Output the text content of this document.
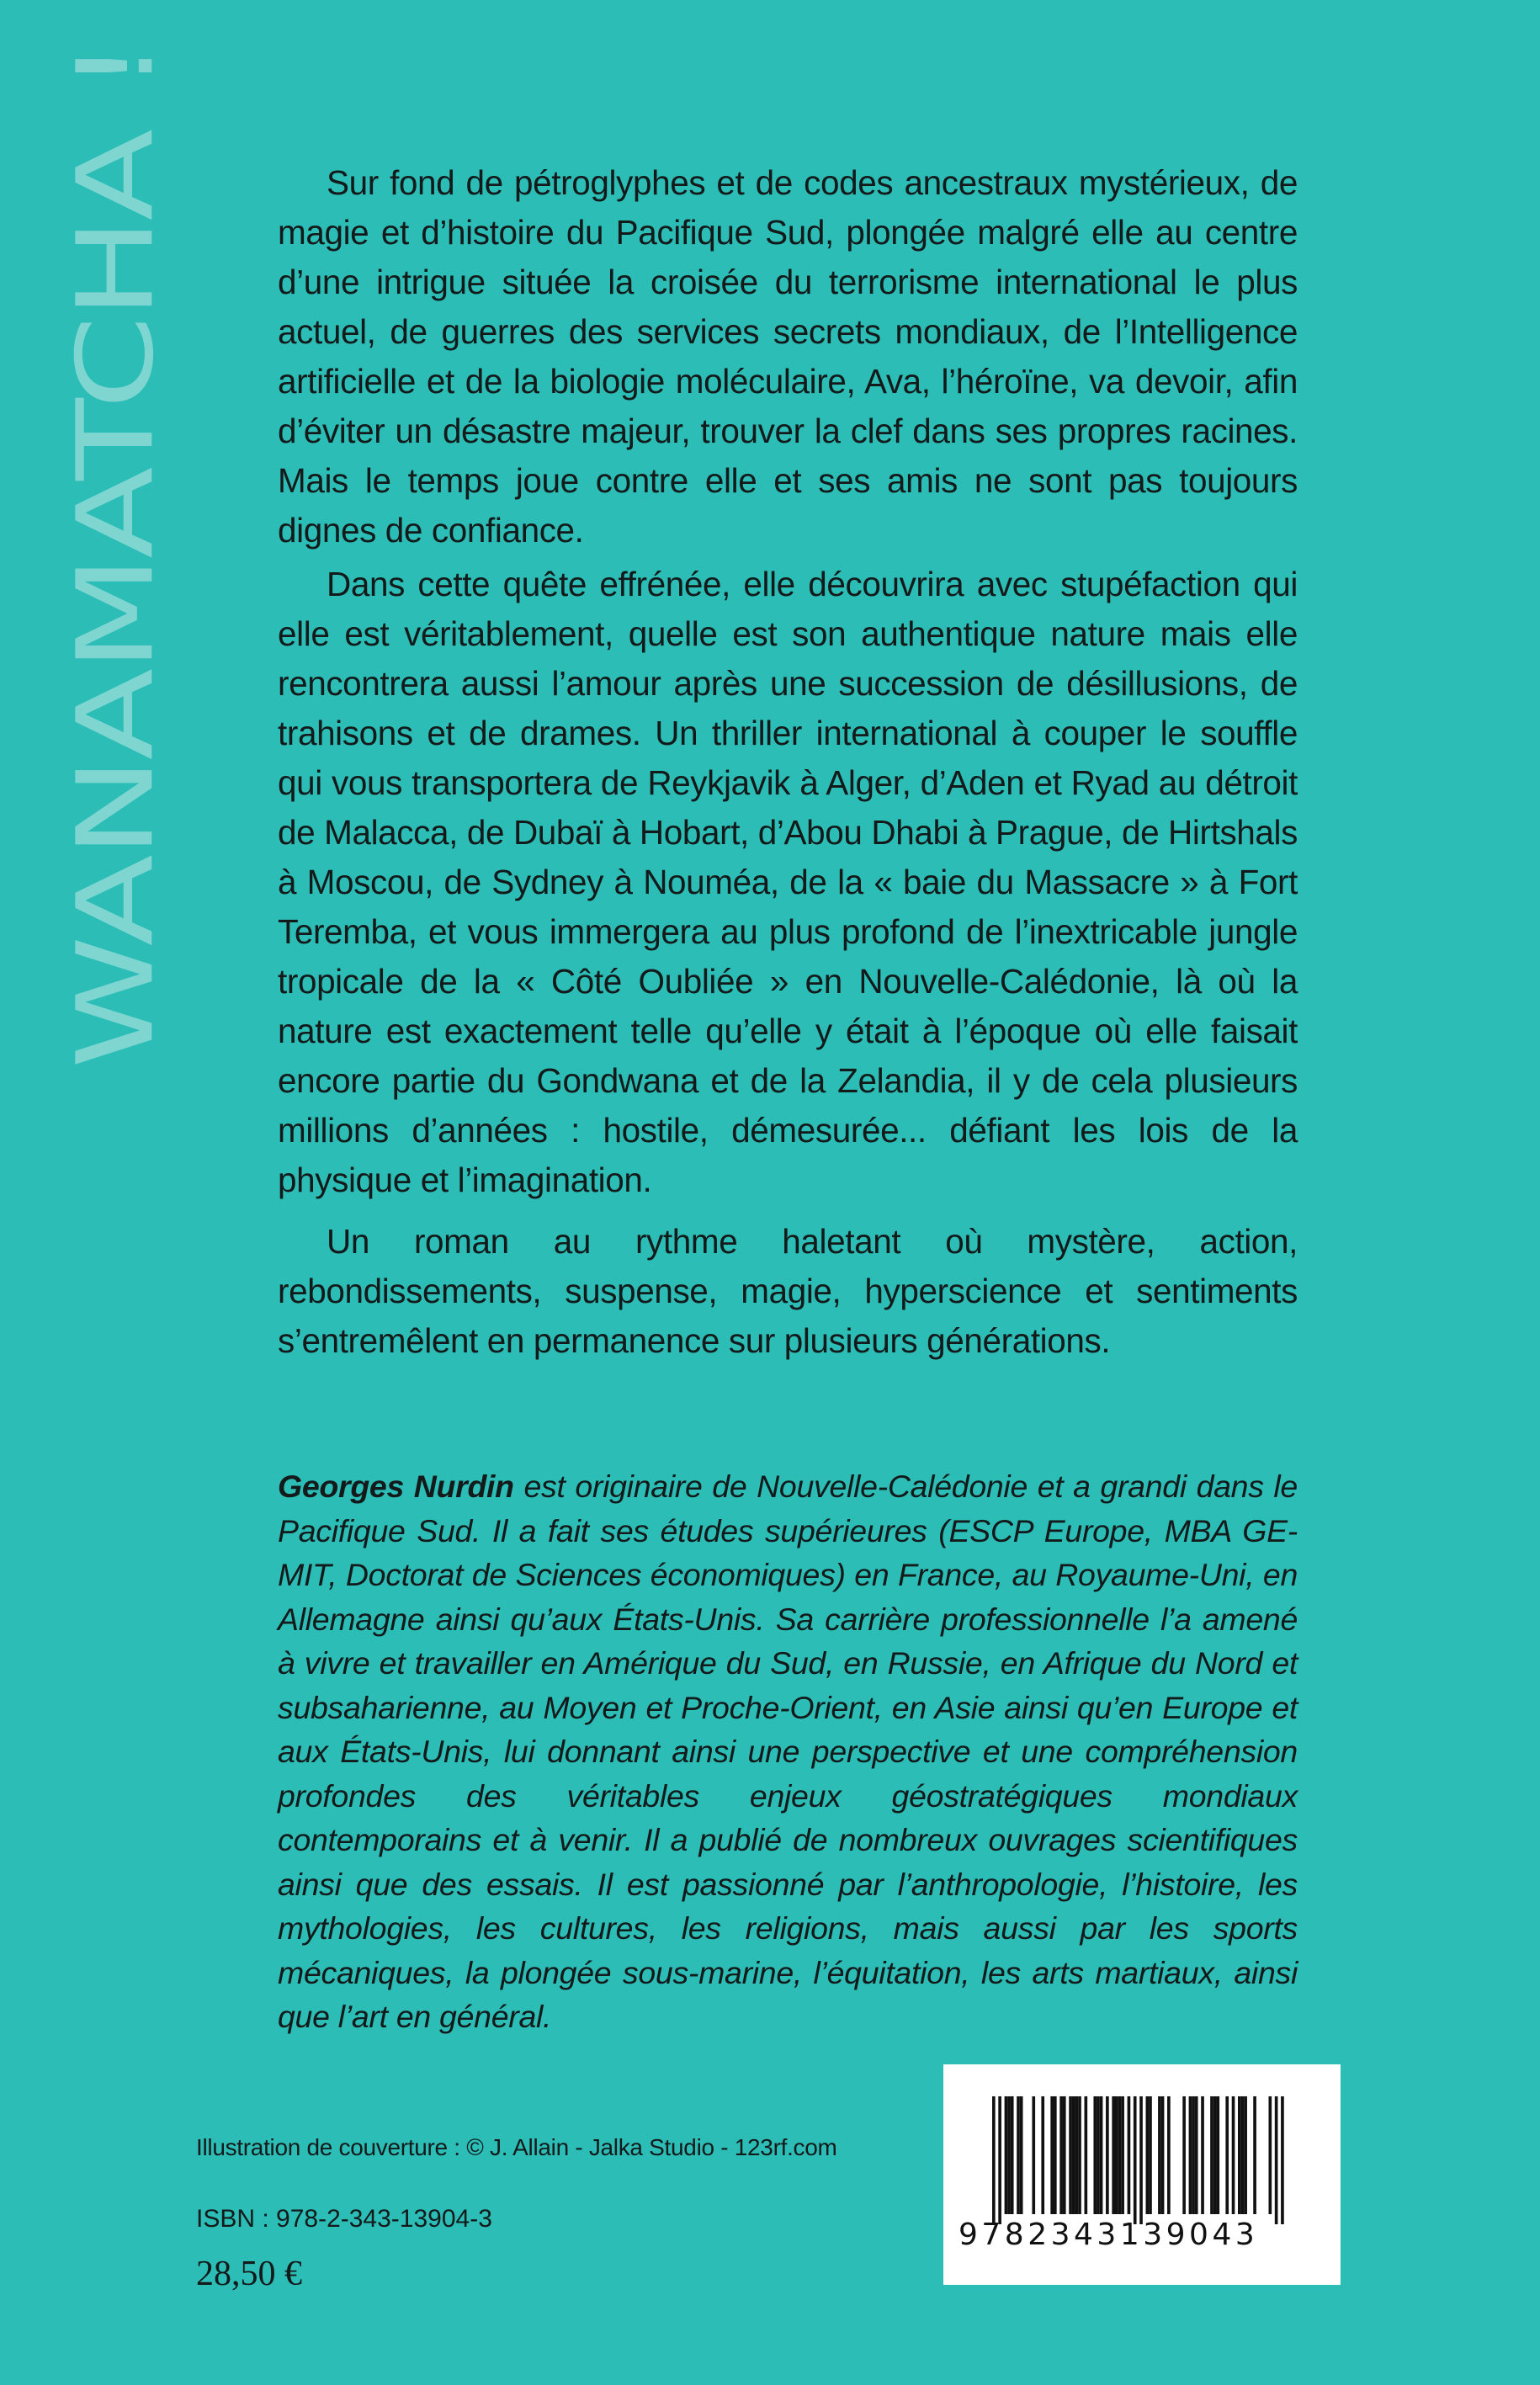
WANAMATCHA !	Sur fond de pétroglyphes et de codes ancestraux mystérieux, de magie et d’histoire du Pacifique Sud, plongée malgré elle au centre d’une intrigue située la croisée du terrorisme international le plus actuel, de guerres des services secrets mondiaux, de l’Intelligence artificielle et de la biologie moléculaire, Ava, l’héroïne, va devoir, afin d’éviter un désastre majeur, trouver la clef dans ses propres racines. Mais le temps joue contre elle et ses amis ne sont pas toujours dignes de confiance.

Dans cette quête effrénée, elle découvrira avec stupéfaction qui elle est véritablement, quelle est son authentique nature mais elle rencontrera aussi l’amour après une succession de désillusions, de trahisons et de drames. Un thriller international à couper le souffle qui vous transportera de Reykjavik à Alger, d’Aden et Ryad au détroit de Malacca, de Dubaï à Hobart, d’Abou Dhabi à Prague, de Hirtshals à Moscou, de Sydney à Nouméa, de la « baie du Massacre » à Fort Teremba, et vous immergera au plus profond de l’inextricable jungle tropicale de la « Côté Oubliée » en Nouvelle-Calédonie, là où la nature est exactement telle qu’elle y était à l’époque où elle faisait encore partie du Gondwana et de la Zelandia, il y de cela plusieurs millions d’années : hostile, démesurée... défiant les lois de la physique et l’imagination.

Un roman au rythme haletant où mystère, action, rebondissements, suspense, magie, hyperscience et sentiments s’entremêlent en permanence sur plusieurs générations.

Georges Nurdin est originaire de Nouvelle-Calédonie et a grandi dans le Pacifique Sud. Il a fait ses études supérieures (ESCP Europe, MBA GE-MIT, Doctorat de Sciences économiques) en France, au Royaume-Uni, en Allemagne ainsi qu’aux États-Unis. Sa carrière professionnelle l’a amené à vivre et travailler en Amérique du Sud, en Russie, en Afrique du Nord et subsaharienne, au Moyen et Proche-Orient, en Asie ainsi qu’en Europe et aux États-Unis, lui donnant ainsi une perspective et une compréhension profondes des véritables enjeux géostratégiques mondiaux contemporains et à venir. Il a publié de nombreux ouvrages scientifiques ainsi que des essais. Il est passionné par l’anthropologie, l’histoire, les mythologies, les cultures, les religions, mais aussi par les sports mécaniques, la plongée sous-marine, l’équitation, les arts martiaux, ainsi que l’art en général.

Illustration de couverture : © J. Allain - Jalka Studio - 123rf.com
ISBN : 978-2-343-13904-3
28,50 €
9782343139043
